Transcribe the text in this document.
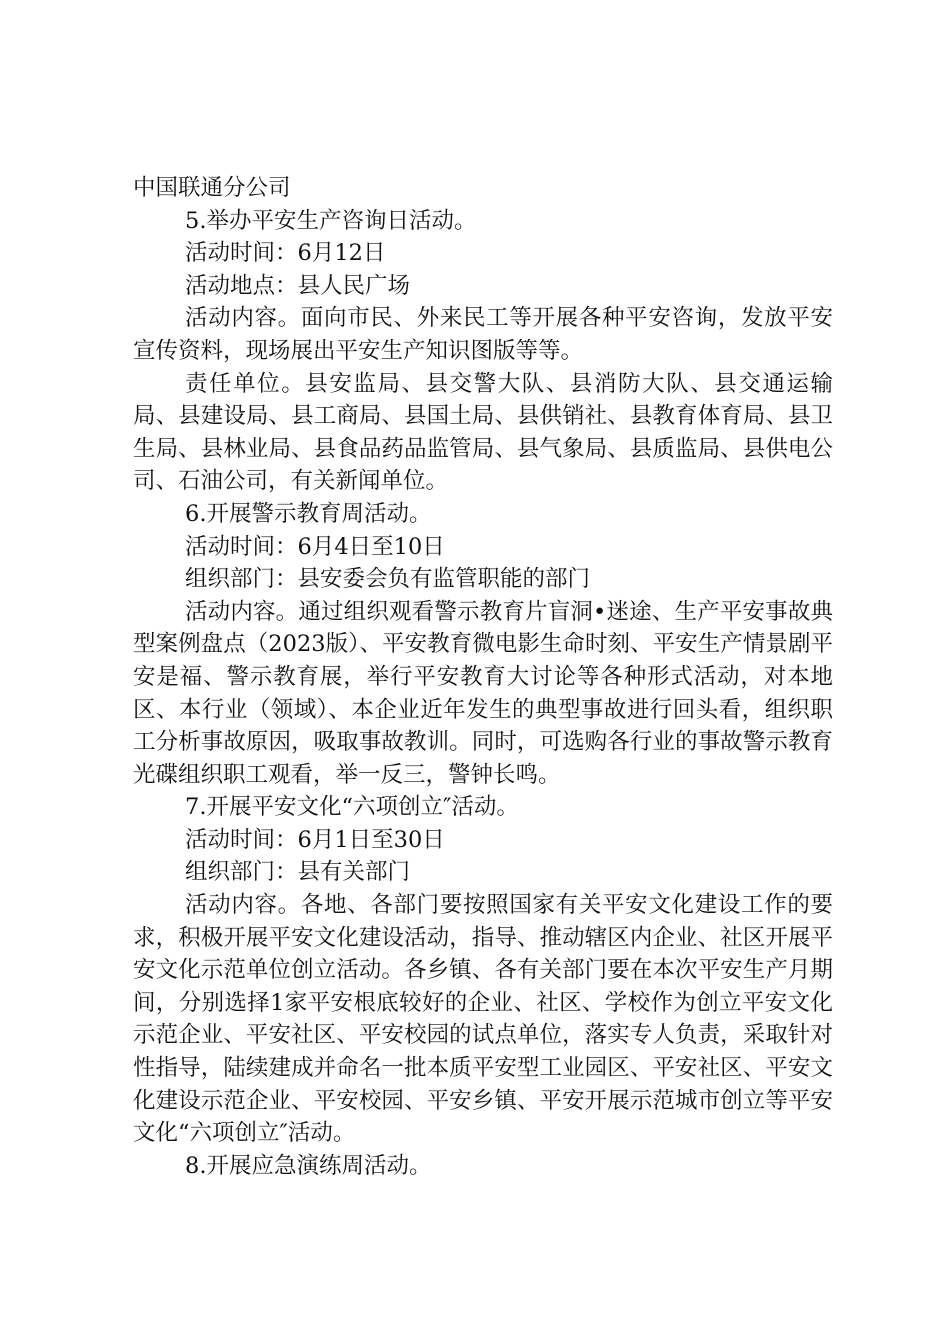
中国联通分公司

5.举办平安生产咨询日活动。

活动时间：6月12日

活动地点：县人民广场

活动内容。面向市民、外来民工等开展各种平安咨询，发放平安宣传资料，现场展出平安生产知识图版等等。

责任单位。县安监局、县交警大队、县消防大队、县交通运输局、县建设局、县工商局、县国土局、县供销社、县教育体育局、县卫生局、县林业局、县食品药品监管局、县气象局、县质监局、县供电公司、石油公司，有关新闻单位。

6.开展警示教育周活动。

活动时间：6月4日至10日

组织部门：县安委会负有监管职能的部门

活动内容。通过组织观看警示教育片盲洞•迷途、生产平安事故典型案例盘点（2023版）、平安教育微电影生命时刻、平安生产情景剧平安是福、警示教育展，举行平安教育大讨论等各种形式活动，对本地区、本行业（领域）、本企业近年发生的典型事故进行回头看，组织职工分析事故原因，吸取事故教训。同时，可选购各行业的事故警示教育光碟组织职工观看，举一反三，警钟长鸣。

7.开展平安文化“六项创立″活动。

活动时间：6月1日至30日

组织部门：县有关部门

活动内容。各地、各部门要按照国家有关平安文化建设工作的要求，积极开展平安文化建设活动，指导、推动辖区内企业、社区开展平安文化示范单位创立活动。各乡镇、各有关部门要在本次平安生产月期间，分别选择1家平安根底较好的企业、社区、学校作为创立平安文化示范企业、平安社区、平安校园的试点单位，落实专人负责，采取针对性指导，陆续建成并命名一批本质平安型工业园区、平安社区、平安文化建设示范企业、平安校园、平安乡镇、平安开展示范城市创立等平安文化“六项创立″活动。

8.开展应急演练周活动。
